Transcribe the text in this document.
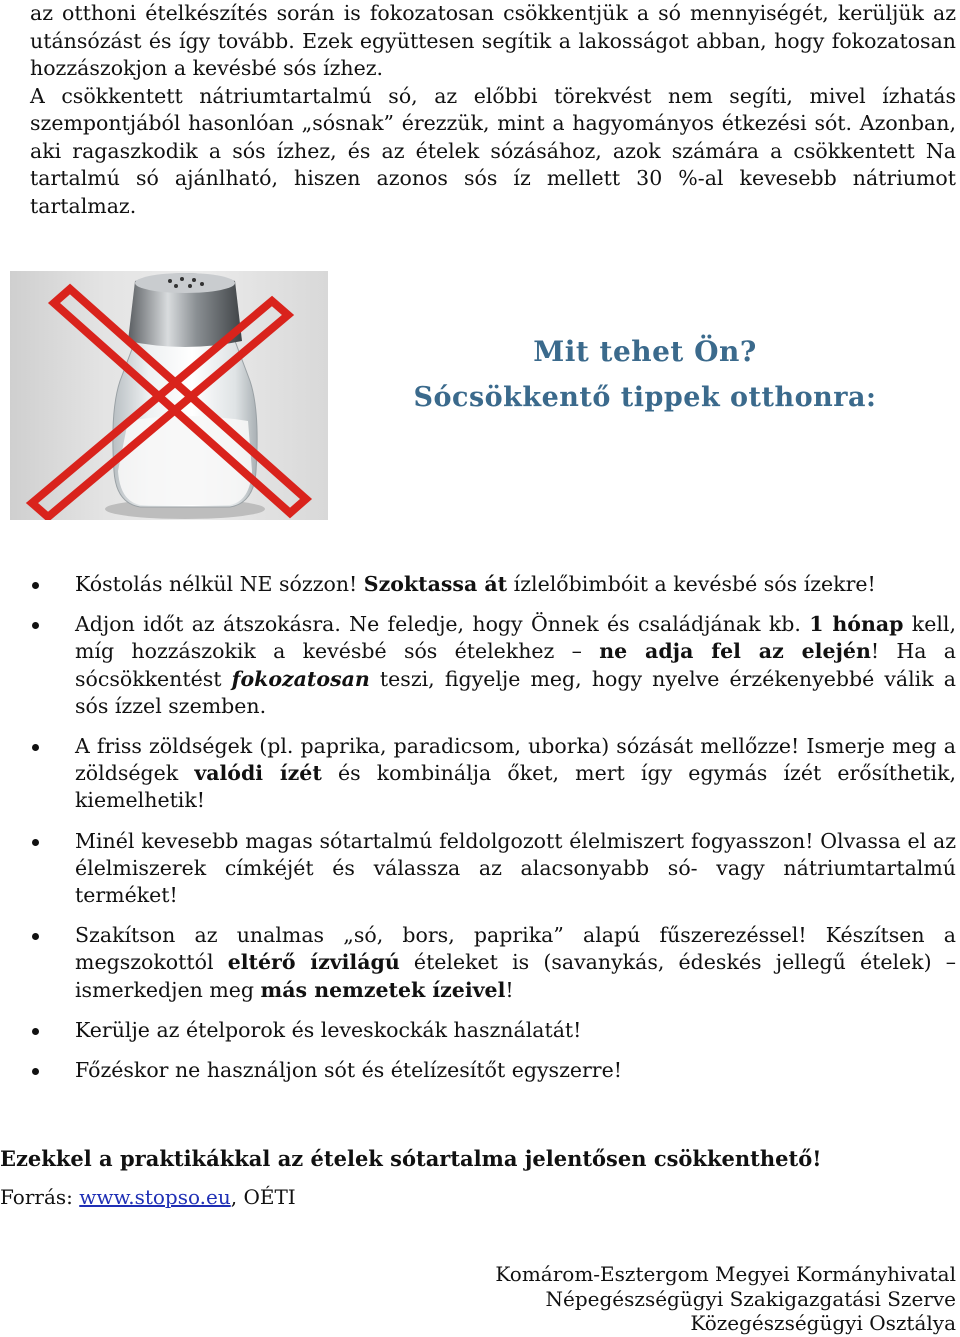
az otthoni ételkészítés során is fokozatosan csökkentjük a só mennyiségét, kerüljük az utánsózást és így tovább. Ezek együttesen segítik a lakosságot abban, hogy fokozatosan hozzászokjon a kevésbé sós ízhez.

A csökkentett nátriumtartalmú só, az előbbi törekvést nem segíti, mivel ízhatás szempontjából hasonlóan „sósnak” érezzük, mint a hagyományos étkezési sót. Azonban, aki ragaszkodik a sós ízhez, és az ételek sózásához, azok számára a csökkentett Na tartalmú só ajánlható, hiszen azonos sós íz mellett 30 %-al kevesebb nátriumot tartalmaz.

Mit tehet Ön?
Sócsökkentő tippek otthonra:
Kóstolás nélkül NE sózzon! Szoktassa át ízlelőbimbóit a kevésbé sós ízekre!
Adjon időt az átszokásra. Ne feledje, hogy Önnek és családjának kb. 1 hónap kell, míg hozzászokik a kevésbé sós ételekhez – ne adja fel az elején! Ha a sócsökkentést fokozatosan teszi, figyelje meg, hogy nyelve érzékenyebbé válik a sós ízzel szemben.
A friss zöldségek (pl. paprika, paradicsom, uborka) sózását mellőzze! Ismerje meg a zöldségek valódi ízét és kombinálja őket, mert így egymás ízét erősíthetik, kiemelhetik!
Minél kevesebb magas sótartalmú feldolgozott élelmiszert fogyasszon! Olvassa el az élelmiszerek címkéjét és válassza az alacsonyabb só- vagy nátriumtartalmú terméket!
Szakítson az unalmas „só, bors, paprika” alapú fűszerezéssel! Készítsen a megszokottól eltérő ízvilágú ételeket is (savanykás, édeskés jellegű ételek) – ismerkedjen meg más nemzetek ízeivel!
Kerülje az ételporok és leveskockák használatát!
Főzéskor ne használjon sót és ételízesítőt egyszerre!
Ezekkel a praktikákkal az ételek sótartalma jelentősen csökkenthető!
Forrás: www.stopso.eu, OÉTI
Komárom-Esztergom Megyei Kormányhivatal
Népegészségügyi Szakigazgatási Szerve
Közegészségügyi Osztálya
